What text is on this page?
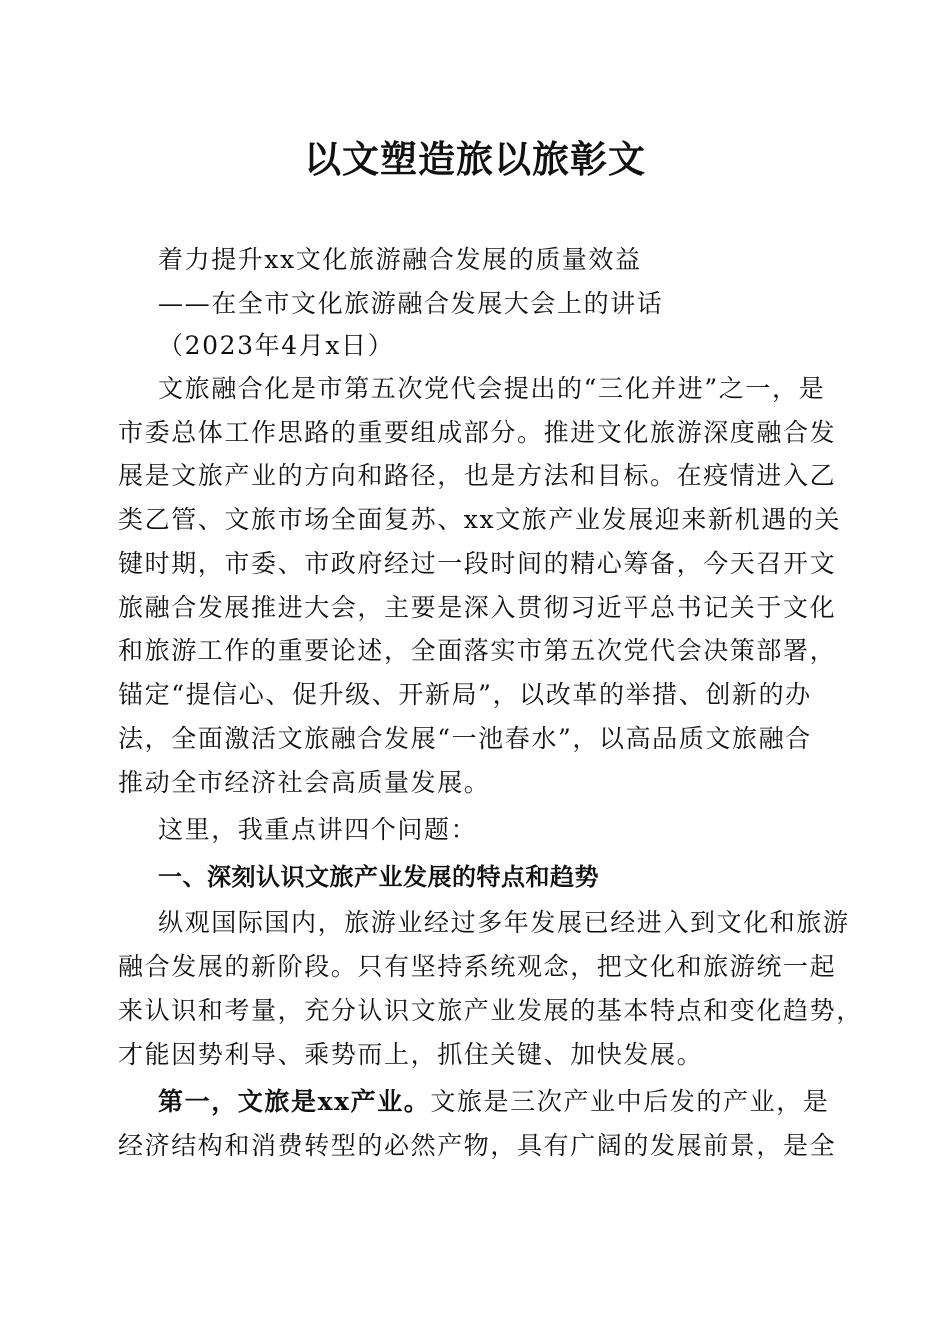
以文塑造旅以旅彰文

着力提升xx文化旅游融合发展的质量效益

——在全市文化旅游融合发展大会上的讲话

（2023年4月x日）

文旅融合化是市第五次党代会提出的“三化并进”之一，是

市委总体工作思路的重要组成部分。推进文化旅游深度融合发

展是文旅产业的方向和路径，也是方法和目标。在疫情进入乙

类乙管、文旅市场全面复苏、xx文旅产业发展迎来新机遇的关

键时期，市委、市政府经过一段时间的精心筹备，今天召开文

旅融合发展推进大会，主要是深入贯彻习近平总书记关于文化

和旅游工作的重要论述，全面落实市第五次党代会决策部署，

锚定“提信心、促升级、开新局”，以改革的举措、创新的办

法，全面激活文旅融合发展“一池春水”，以高品质文旅融合

推动全市经济社会高质量发展。

这里，我重点讲四个问题：

一、深刻认识文旅产业发展的特点和趋势

纵观国际国内，旅游业经过多年发展已经进入到文化和旅游

融合发展的新阶段。只有坚持系统观念，把文化和旅游统一起

来认识和考量，充分认识文旅产业发展的基本特点和变化趋势，

才能因势利导、乘势而上，抓住关键、加快发展。

第一，文旅是xx产业。文旅是三次产业中后发的产业，是

经济结构和消费转型的必然产物，具有广阔的发展前景，是全
